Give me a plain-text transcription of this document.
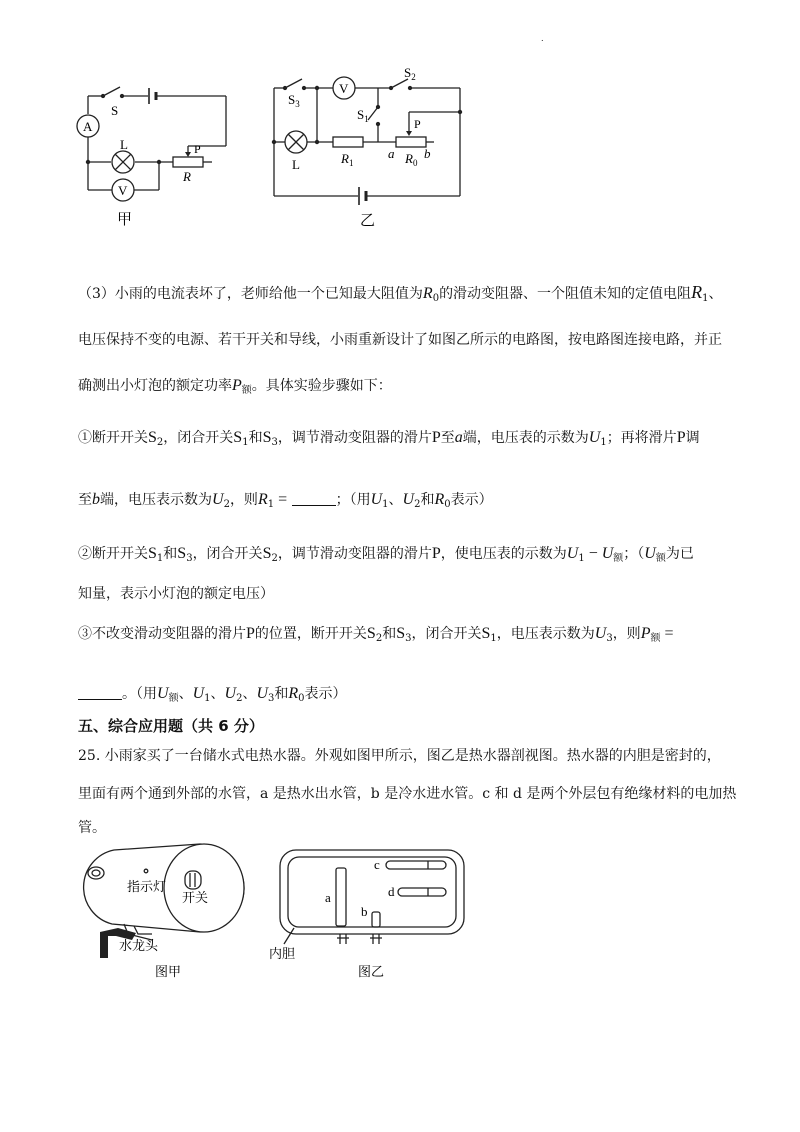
.
S
A
L	P
R
V
甲
V
$S_3$
$S_2$
$S_1$	P
L	$R_1$
a $R_0$
b
乙
（3）小雨的电流表坏了，老师给他一个已知最大阻值为$R_0$的滑动变阻器、一个阻值未知的定值电阻$R_1$、
电压保持不变的电源、若干开关和导线，小雨重新设计了如图乙所示的电路图，按电路图连接电路，并正
确测出小灯泡的额定功率$P_额$。具体实验步骤如下：
①断开开关$S_2$，闭合开关$S_1$和$S_3$，调节滑动变阻器的滑片P至a端，电压表的示数为$U_1$；再将滑片P调
至b端，电压表示数为$U_2$，则$R_1$ =	；（用$U_1$、$U_2$和$R_0$表示）
②断开开关$S_1$和$S_3$，闭合开关$S_2$，调节滑动变阻器的滑片P，使电压表的示数为$U_1 - U_额$；（$U_额$为已
知量，表示小灯泡的额定电压）
③不改变滑动变阻器的滑片P的位置，断开开关$S_2$和$S_3$，闭合开关$S_1$，电压表示数为$U_3$，则$P_额$ =
。（用$U_额$、$U_1$、$U_2$、$U_3$和$R_0$表示）
五、综合应用题（共 6 分）
25. 小雨家买了一台储水式电热水器。外观如图甲所示，图乙是热水器剖视图。热水器的内胆是密封的，
里面有两个通到外部的水管，a 是热水出水管，b 是冷水进水管。c 和 d 是两个外层包有绝缘材料的电加热
管。
指示灯
开关
水龙头
图甲
c
d
a
b
内胆
图乙
